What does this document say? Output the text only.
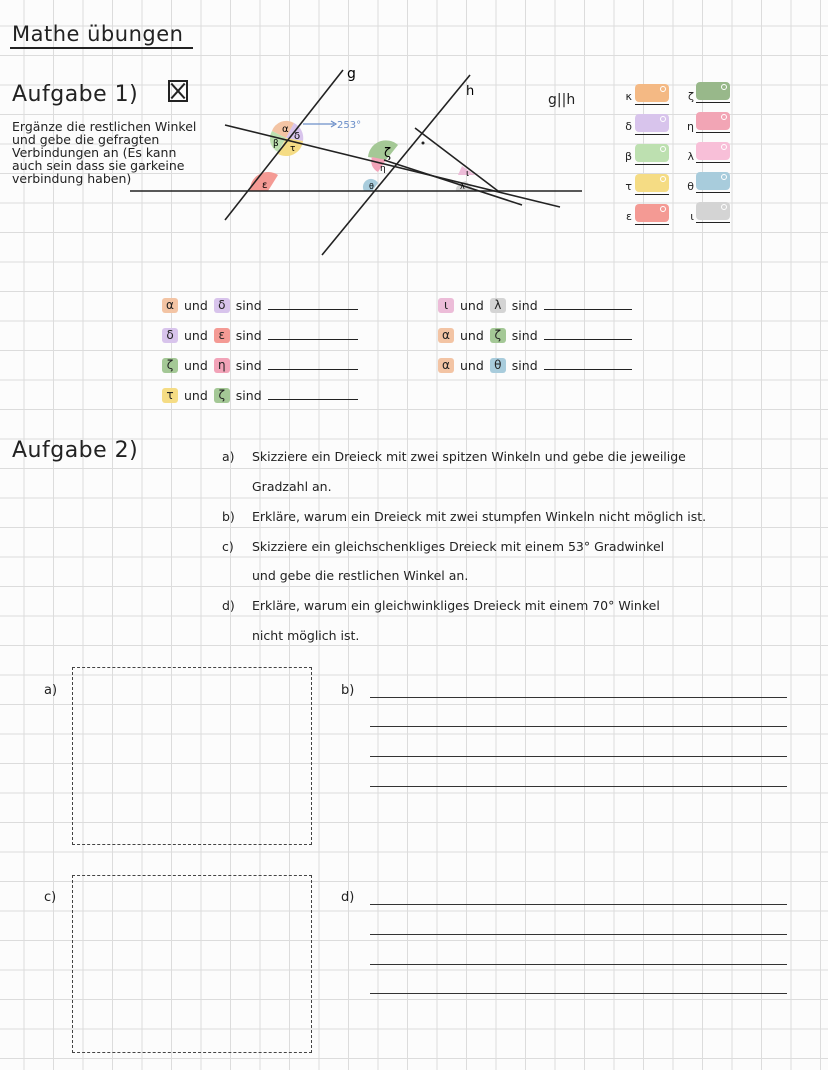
Mathe übungen
Aufgabe 1)
Ergänze die restlichen Winkel und gebe die gefragten Verbindungen an (Es kann auch sein dass sie garkeine verbindung haben)
g||h
g
h
253°
α
δ
β τ
ε
ζ
η
θ
ι
λ
κ
δ
β
τ
ε
ζ
η
λ
θ
ι
α und δ sind
δ und ε sind
ζ und η sind
τ und ζ sind
ι und λ sind
α und ζ sind
α und θ sind
Aufgabe 2)	a) Skizziere ein Dreieck mit zwei spitzen Winkeln und gebe die jeweilige
Gradzahl an.
b) Erkläre, warum ein Dreieck mit zwei stumpfen Winkeln nicht möglich ist.
c) Skizziere ein gleichschenkliges Dreieck mit einem 53° Gradwinkel
und gebe die restlichen Winkel an.
d) Erkläre, warum ein gleichwinkliges Dreieck mit einem 70° Winkel
nicht möglich ist.
a)	b)
c)	d)
